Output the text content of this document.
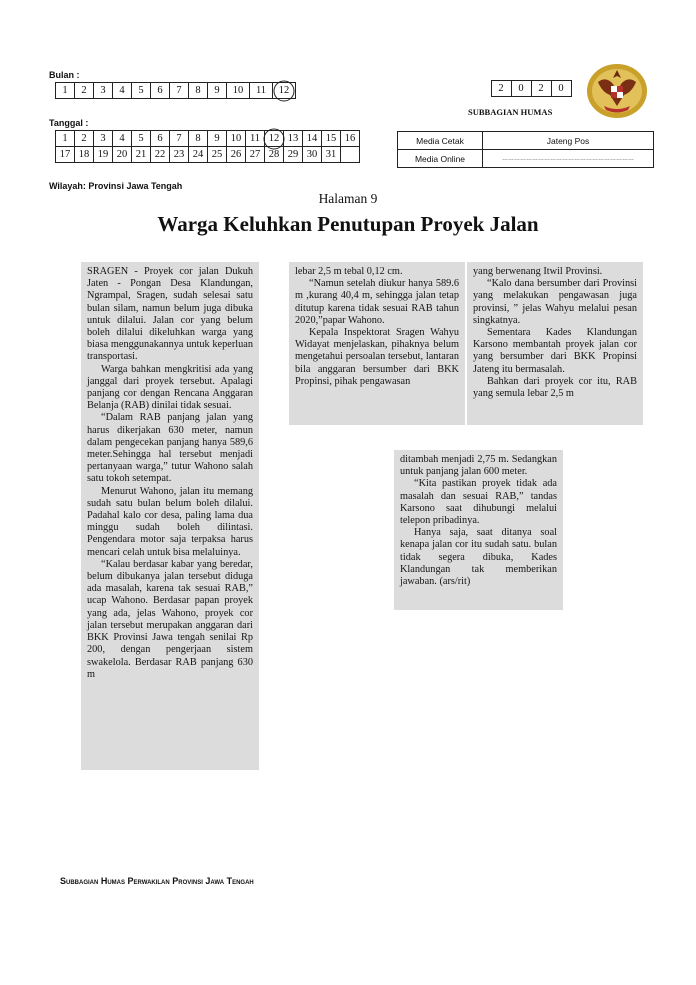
Bulan :
1	2	3	4	5	6	7	8	9	10	11	12
Tanggal :
1	2	3	4	5	6	7	8	9	10	11	12	13	14	15	16
17	18	19	20	21	22	23	24	25	26	27	28	29	30	31	
2	0	2	0
SUBBAGIAN HUMAS
Media Cetak	Jateng Pos
Media Online	…………………………………………………………
Wilayah: Provinsi Jawa Tengah
Halaman 9
Warga Keluhkan Penutupan Proyek Jalan

SRAGEN - Proyek cor jalan Dukuh Jaten - Pongan Desa Klandungan, Ngrampal, Sragen, sudah selesai satu bulan silam, namun belum juga dibuka untuk dilalui. Jalan cor yang belum boleh dilalui dikeluhkan warga yang biasa menggunakannya untuk keperluan transportasi.

Warga bahkan mengkritisi ada yang janggal dari proyek tersebut. Apalagi panjang cor dengan Rencana Anggaran Belanja (RAB) dinilai tidak sesuai.

“Dalam RAB panjang jalan yang harus dikerjakan 630 meter, namun dalam pengecekan panjang hanya 589,6 meter.Sehingga hal tersebut menjadi pertanyaan warga,” tutur Wahono salah satu tokoh setempat.

Menurut Wahono, jalan itu memang sudah satu bulan belum boleh dilalui. Padahal kalo cor desa, paling lama dua minggu sudah boleh dilintasi. Pengendara motor saja terpaksa harus mencari celah untuk bisa melaluinya.

“Kalau berdasar kabar yang beredar, belum dibukanya jalan tersebut diduga ada masalah, karena tak sesuai RAB,” ucap Wahono. Berdasar papan proyek yang ada, jelas Wahono, proyek cor jalan tersebut merupakan anggaran dari BKK Provinsi Jawa tengah senilai Rp 200, dengan pengerjaan sistem swakelola. Berdasar RAB panjang 630 m

lebar 2,5 m tebal 0,12 cm.

“Namun setelah diukur hanya 589.6 m ,kurang 40,4 m, sehingga jalan tetap ditutup karena tidak sesuai RAB tahun 2020,”papar Wahono.

Kepala Inspektorat Sragen Wahyu Widayat menjelaskan, pihaknya belum mengetahui persoalan tersebut, lantaran bila anggaran bersumber dari BKK Propinsi, pihak pengawasan

yang berwenang Itwil Provinsi.

“Kalo dana bersumber dari Provinsi yang melakukan pengawasan juga provinsi, ” jelas Wahyu melalui pesan singkatnya.

Sementara Kades Klandungan Karsono membantah proyek jalan cor yang bersumber dari BKK Propinsi Jateng itu bermasalah.

Bahkan dari proyek cor itu, RAB yang semula lebar 2,5 m

ditambah menjadi 2,75 m. Sedangkan untuk panjang jalan 600 meter.

“Kita pastikan proyek tidak ada masalah dan sesuai RAB,” tandas Karsono saat dihubungi melalui telepon pribadinya.

Hanya saja, saat ditanya soal kenapa jalan cor itu sudah satu. bulan tidak segera dibuka, Kades Klandungan tak memberikan jawaban. (ars/rit)

Subbagian Humas Perwakilan Provinsi Jawa Tengah
